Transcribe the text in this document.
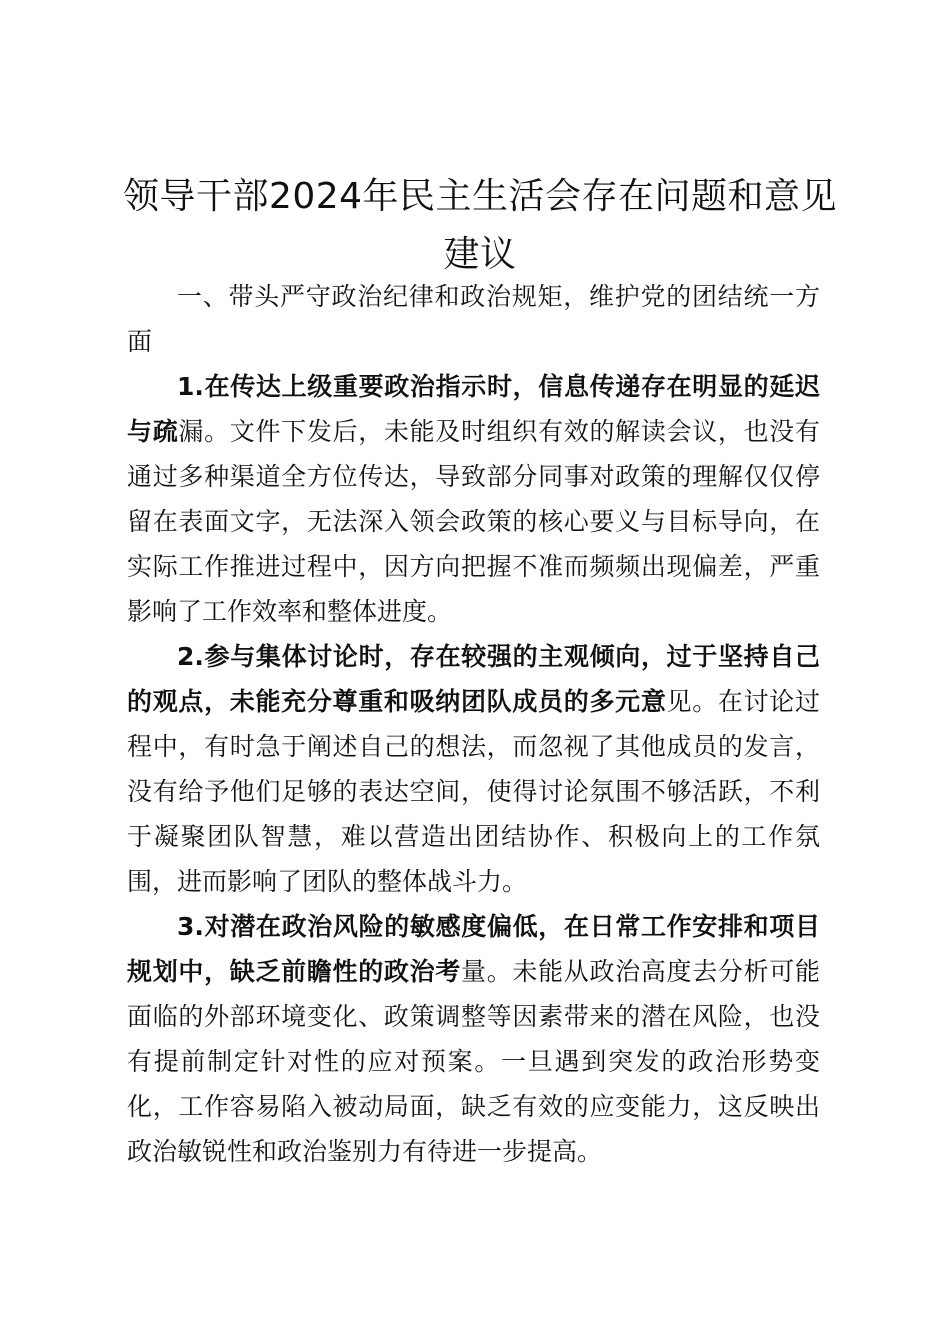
领导干部2024年民主生活会存在问题和意见建议

一、带头严守政治纪律和政治规矩，维护党的团结统一方面

1.在传达上级重要政治指示时，信息传递存在明显的延迟与疏漏。文件下发后，未能及时组织有效的解读会议，也没有通过多种渠道全方位传达，导致部分同事对政策的理解仅仅停留在表面文字，无法深入领会政策的核心要义与目标导向，在实际工作推进过程中，因方向把握不准而频频出现偏差，严重影响了工作效率和整体进度。

2.参与集体讨论时，存在较强的主观倾向，过于坚持自己的观点，未能充分尊重和吸纳团队成员的多元意见。在讨论过程中，有时急于阐述自己的想法，而忽视了其他成员的发言，没有给予他们足够的表达空间，使得讨论氛围不够活跃，不利于凝聚团队智慧，难以营造出团结协作、积极向上的工作氛围，进而影响了团队的整体战斗力。

3.对潜在政治风险的敏感度偏低，在日常工作安排和项目规划中，缺乏前瞻性的政治考量。未能从政治高度去分析可能面临的外部环境变化、政策调整等因素带来的潜在风险，也没有提前制定针对性的应对预案。一旦遇到突发的政治形势变化，工作容易陷入被动局面，缺乏有效的应变能力，这反映出政治敏锐性和政治鉴别力有待进一步提高。
